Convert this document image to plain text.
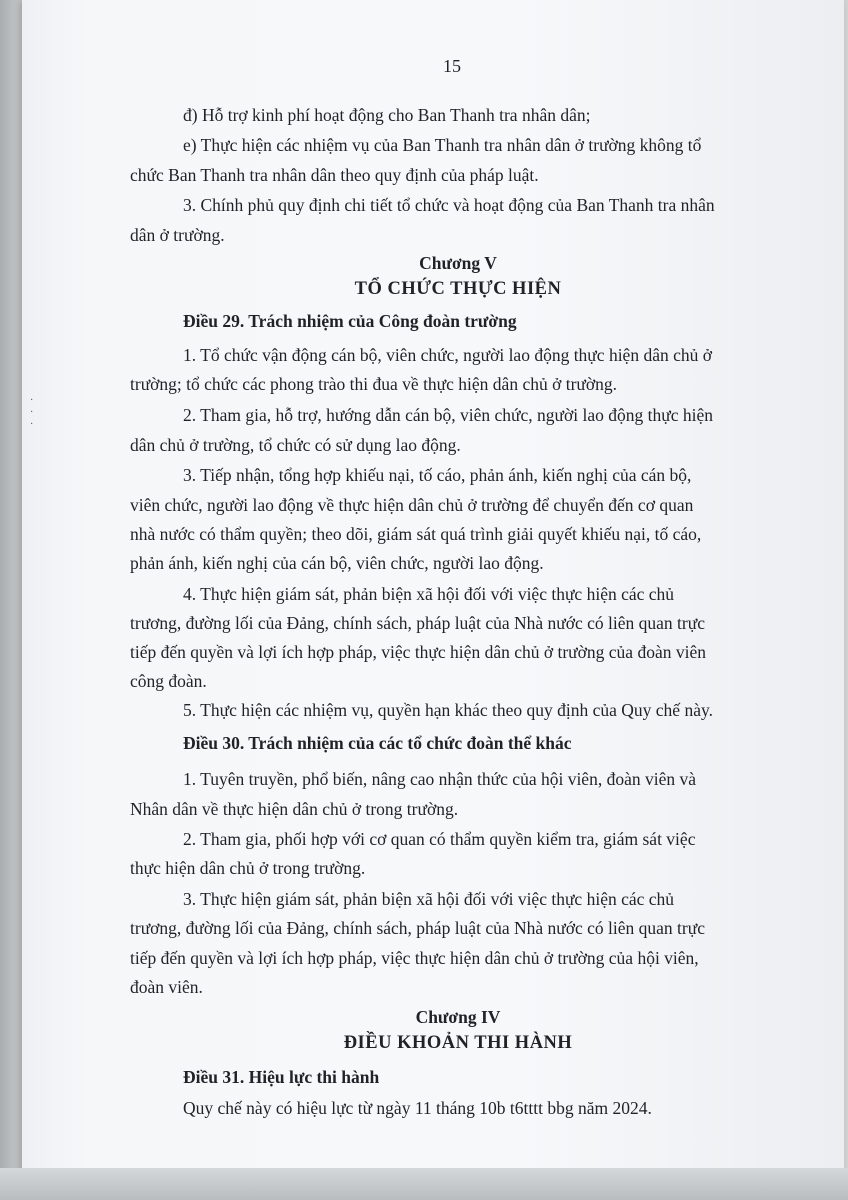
15
đ) Hỗ trợ kinh phí hoạt động cho Ban Thanh tra nhân dân;
e) Thực hiện các nhiệm vụ của Ban Thanh tra nhân dân ở trường không tổ
chức Ban Thanh tra nhân dân theo quy định của pháp luật.
3. Chính phủ quy định chi tiết tổ chức và hoạt động của Ban Thanh tra nhân
dân ở trường.
Chương V
TỔ CHỨC THỰC HIỆN
Điều 29. Trách nhiệm của Công đoàn trường
1. Tổ chức vận động cán bộ, viên chức, người lao động thực hiện dân chủ ở
trường; tổ chức các phong trào thi đua về thực hiện dân chủ ở trường.
2. Tham gia, hỗ trợ, hướng dẫn cán bộ, viên chức, người lao động thực hiện
dân chủ ở trường, tổ chức có sử dụng lao động.
3. Tiếp nhận, tổng hợp khiếu nại, tố cáo, phản ánh, kiến nghị của cán bộ,
viên chức, người lao động về thực hiện dân chủ ở trường để chuyển đến cơ quan
nhà nước có thẩm quyền; theo dõi, giám sát quá trình giải quyết khiếu nại, tố cáo,
phản ánh, kiến nghị của cán bộ, viên chức, người lao động.
4. Thực hiện giám sát, phản biện xã hội đối với việc thực hiện các chủ
trương, đường lối của Đảng, chính sách, pháp luật của Nhà nước có liên quan trực
tiếp đến quyền và lợi ích hợp pháp, việc thực hiện dân chủ ở trường của đoàn viên
công đoàn.
5. Thực hiện các nhiệm vụ, quyền hạn khác theo quy định của Quy chế này.
Điều 30. Trách nhiệm của các tổ chức đoàn thể khác
1. Tuyên truyền, phổ biến, nâng cao nhận thức của hội viên, đoàn viên và
Nhân dân về thực hiện dân chủ ở trong trường.
2. Tham gia, phối hợp với cơ quan có thẩm quyền kiểm tra, giám sát việc
thực hiện dân chủ ở trong trường.
3. Thực hiện giám sát, phản biện xã hội đối với việc thực hiện các chủ
trương, đường lối của Đảng, chính sách, pháp luật của Nhà nước có liên quan trực
tiếp đến quyền và lợi ích hợp pháp, việc thực hiện dân chủ ở trường của hội viên,
đoàn viên.
Chương IV
ĐIỀU KHOẢN THI HÀNH
Điều 31. Hiệu lực thi hành
Quy chế này có hiệu lực từ ngày 11 tháng 10b t6tttt bbg năm 2024.
·
·
·
